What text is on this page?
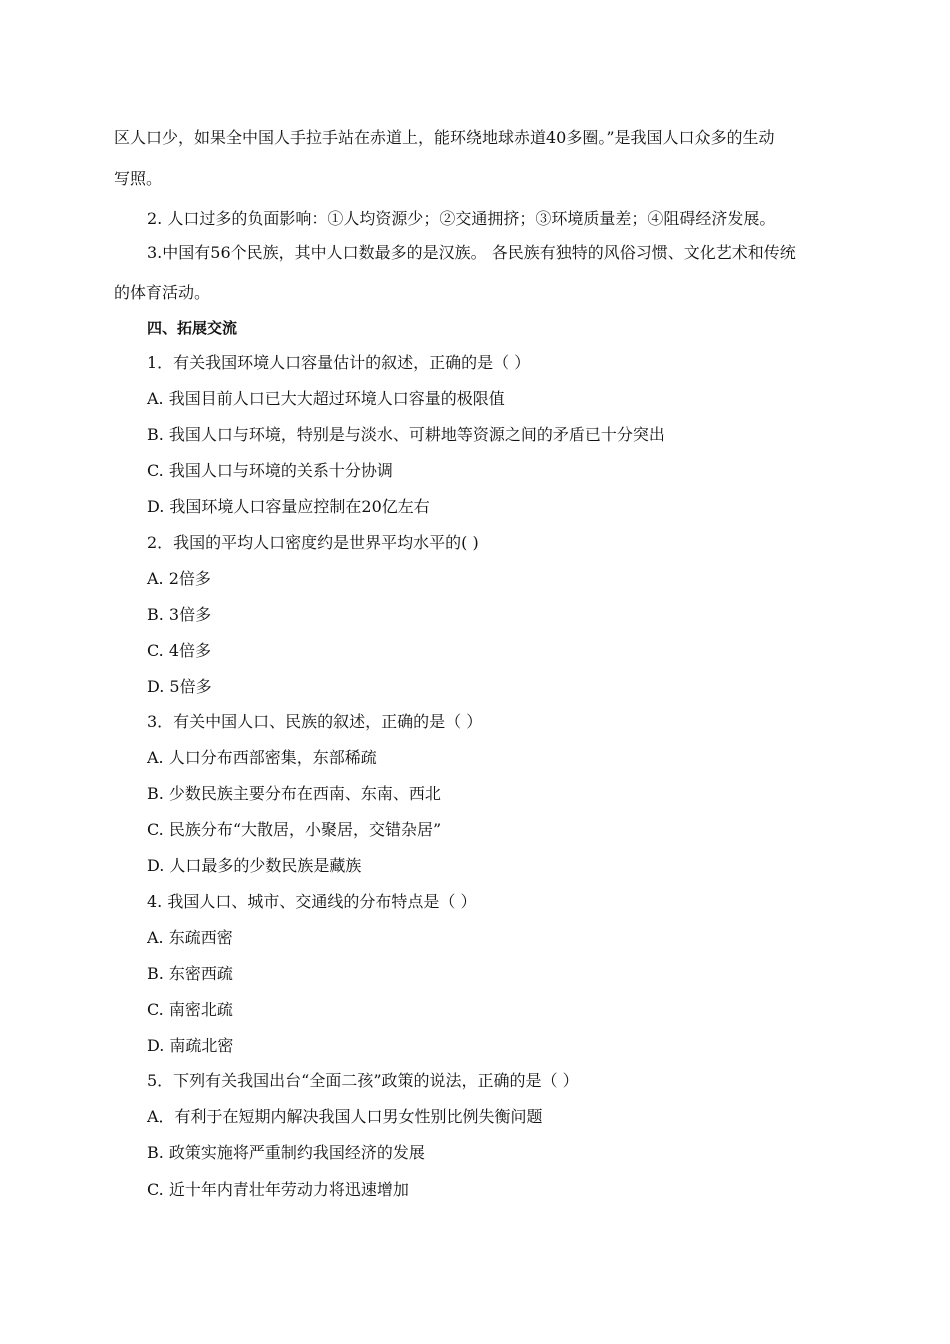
区人口少，如果全中国人手拉手站在赤道上，能环绕地球赤道40多圈。”是我国人口众多的生动
写照。
2. 人口过多的负面影响：①人均资源少；②交通拥挤；③环境质量差；④阻碍经济发展。
3.中国有56个民族，其中人口数最多的是汉族。 各民族有独特的风俗习惯、文化艺术和传统
的体育活动。
四、拓展交流
1．有关我国环境人口容量估计的叙述，正确的是（ ）
A. 我国目前人口已大大超过环境人口容量的极限值
B. 我国人口与环境，特别是与淡水、可耕地等资源之间的矛盾已十分突出
C. 我国人口与环境的关系十分协调
D. 我国环境人口容量应控制在20亿左右
2．我国的平均人口密度约是世界平均水平的( )
A. 2倍多
B. 3倍多
C. 4倍多
D. 5倍多
3．有关中国人口、民族的叙述，正确的是（ ）
A. 人口分布西部密集，东部稀疏
B. 少数民族主要分布在西南、东南、西北
C. 民族分布“大散居，小聚居，交错杂居”
D. 人口最多的少数民族是藏族
4. 我国人口、城市、交通线的分布特点是（ ）
A. 东疏西密
B. 东密西疏
C. 南密北疏
D. 南疏北密
5．下列有关我国出台“全面二孩”政策的说法，正确的是（ ）
A．有利于在短期内解决我国人口男女性别比例失衡问题
B. 政策实施将严重制约我国经济的发展
C. 近十年内青壮年劳动力将迅速增加
